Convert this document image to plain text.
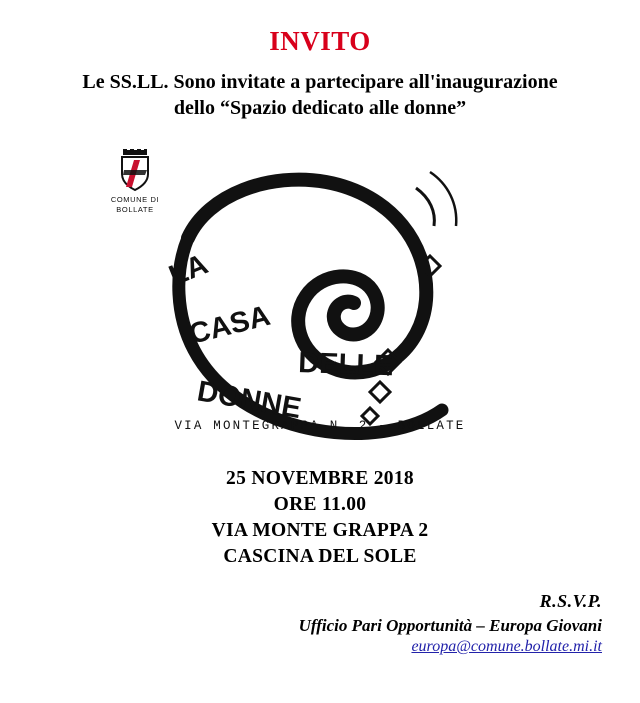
INVITO
Le SS.LL. Sono invitate a partecipare all'inaugurazione
dello “Spazio dedicato alle donne”
COMUNE DI
BOLLATE
LA
CASA
DELLE
DONNE
VIA MONTEGRAPPA N. 2 - BOLLATE
25 NOVEMBRE 2018
ORE 11.00
VIA MONTE GRAPPA 2
CASCINA DEL SOLE
R.S.V.P.
Ufficio Pari Opportunità – Europa Giovani
europa@comune.bollate.mi.it
